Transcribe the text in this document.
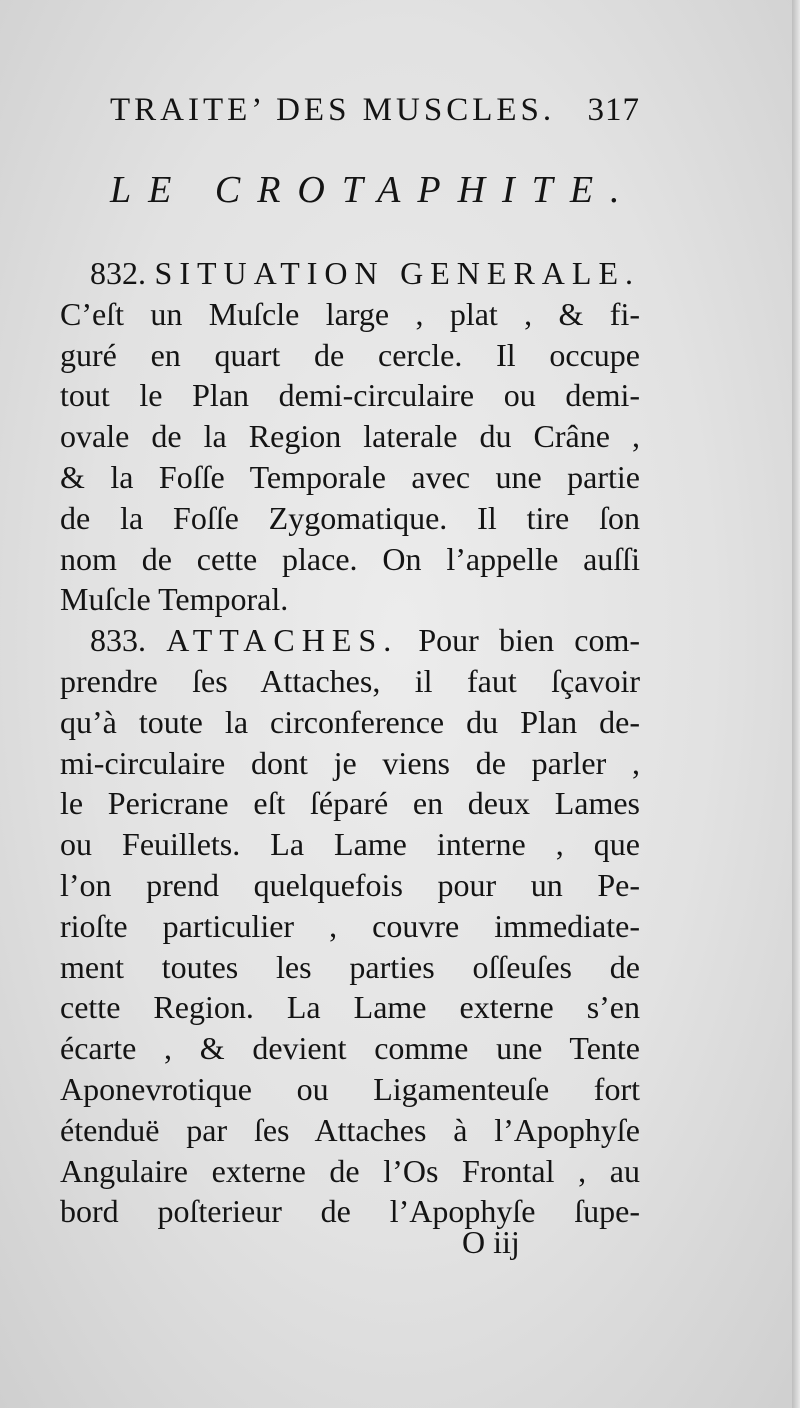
TRAITE’ DES MUSCLES. 317
LE CROTAPHITE.
832. SITUATION GENERALE.
C’eſt un Muſcle large , plat , & fi-
guré en quart de cercle. Il occupe
tout le Plan demi-circulaire ou demi-
ovale de la Region laterale du Crâne ,
& la Foſſe Temporale avec une partie
de la Foſſe Zygomatique. Il tire ſon
nom de cette place. On l’appelle auſſi
Muſcle Temporal.
833. ATTACHES. Pour bien com-
prendre ſes Attaches, il faut ſçavoir
qu’à toute la circonference du Plan de-
mi-circulaire dont je viens de parler ,
le Pericrane eſt ſéparé en deux Lames
ou Feuillets. La Lame interne , que
l’on prend quelquefois pour un Pe-
rioſte particulier , couvre immediate-
ment toutes les parties oſſeuſes de
cette Region. La Lame externe s’en
écarte , & devient comme une Tente
Aponevrotique ou Ligamenteuſe fort
étenduë par ſes Attaches à l’Apophyſe
Angulaire externe de l’Os Frontal , au
bord poſterieur de l’Apophyſe ſupe-
O iij
